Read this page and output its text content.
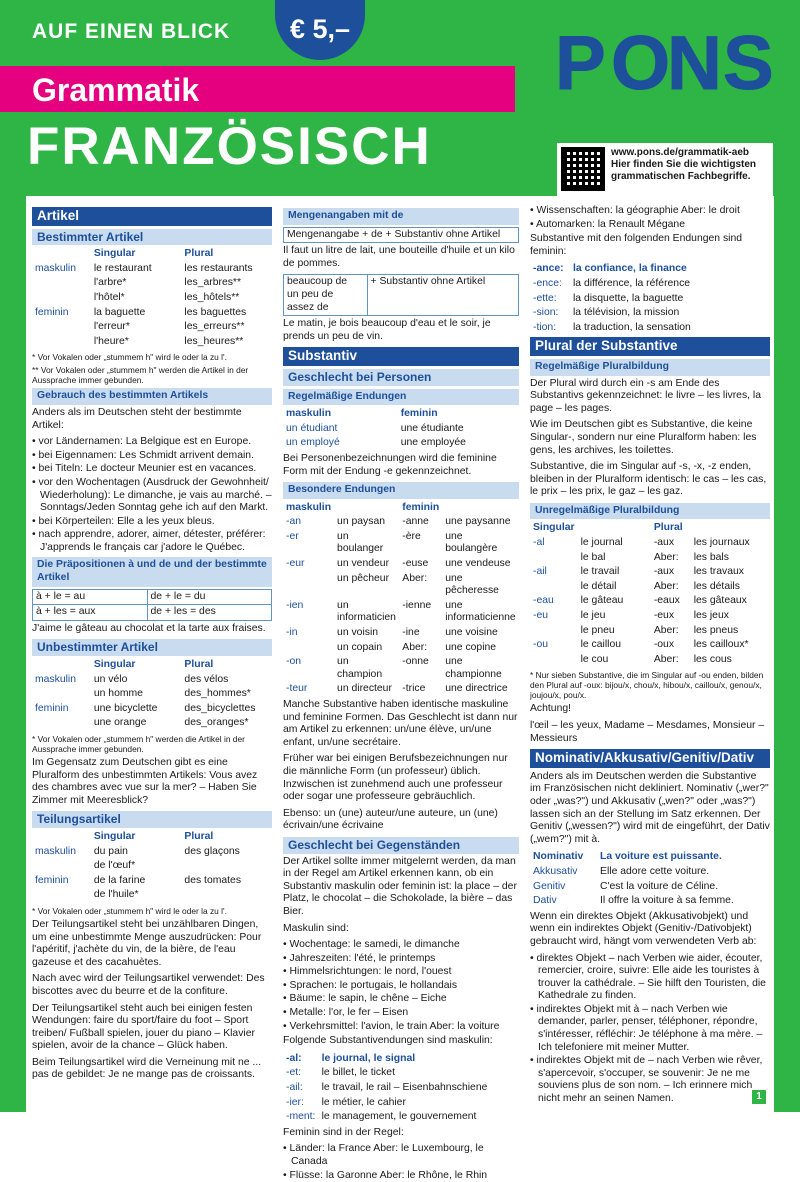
AUF EINEN BLICK	€ 5,–
Grammatik
FRANZÖSISCH
P O
N S
www.pons.de/grammatik-aeb
Hier finden Sie die wichtigsten
grammatischen Fachbegriffe.
Artikel
Bestimmter Artikel
	Singular	Plural
maskulin	le restaurant	les restaurants
	l'arbre*	les_arbres**
	l'hôtel*	les_hôtels**
feminin	la baguette	les baguettes
	l'erreur*	les_erreurs**
	l'heure*	les_heures**
* Vor Vokalen oder „stummem h" wird le oder la zu l'.
** Vor Vokalen oder „stummem h" werden die Artikel in der Aussprache immer gebunden.
Gebrauch des bestimmten Artikels

Anders als im Deutschen steht der bestimmte Artikel:

• vor Ländernamen: La Belgique est en Europe.
• bei Eigennamen: Les Schmidt arrivent demain.
• bei Titeln: Le docteur Meunier est en vacances.
• vor den Wochentagen (Ausdruck der Gewohnheit/ Wiederholung): Le dimanche, je vais au marché. – Sonntags/Jeden Sonntag gehe ich auf den Markt.
• bei Körperteilen: Elle a les yeux bleus.
• nach apprendre, adorer, aimer, détester, préférer: J'apprends le français car j'adore le Québec.
Die Präpositionen à und de und der bestimmte Artikel
à + le = au	de + le = du
à + les = aux	de + les = des

J'aime le gâteau au chocolat et la tarte aux fraises.

Unbestimmter Artikel
	Singular	Plural
maskulin	un vélo	des vélos
	un homme	des_hommes*
feminin	une bicyclette	des_bicyclettes
	une orange	des_oranges*
* Vor Vokalen oder „stummem h" werden die Artikel in der Aussprache immer gebunden.

Im Gegensatz zum Deutschen gibt es eine Pluralform des unbestimmten Artikels: Vous avez des chambres avec vue sur la mer? – Haben Sie Zimmer mit Meeresblick?

Teilungsartikel
	Singular	Plural
maskulin	du pain	des glaçons
	de l'œuf*	
feminin	de la farine	des tomates
	de l'huile*	
* Vor Vokalen oder „stummem h" wird le oder la zu l'.

Der Teilungsartikel steht bei unzählbaren Dingen, um eine unbestimmte Menge auszudrücken: Pour l'apéritif, j'achète du vin, de la bière, de l'eau gazeuse et des cacahuètes.

Nach avec wird der Teilungsartikel verwendet: Des biscottes avec du beurre et de la confiture.

Der Teilungsartikel steht auch bei einigen festen Wendungen: faire du sport/faire du foot – Sport treiben/ Fußball spielen, jouer du piano – Klavier spielen, avoir de la chance – Glück haben.

Beim Teilungsartikel wird die Verneinung mit ne ... pas de gebildet: Je ne mange pas de croissants.

Mengenangaben mit de
Mengenangabe + de + Substantiv ohne Artikel

Il faut un litre de lait, une bouteille d'huile et un kilo de pommes.

beaucoup de
un peu de
assez de	+ Substantiv ohne Artikel

Le matin, je bois beaucoup d'eau et le soir, je prends un peu de vin.

Substantiv
Geschlecht bei Personen
Regelmäßige Endungen
maskulin	feminin
un étudiant	une étudiante
un employé	une employée

Bei Personenbezeichnungen wird die feminine Form mit der Endung -e gekennzeichnet.

Besondere Endungen
maskulin		feminin	
-an	un paysan	-anne	une paysanne
-er	un boulanger	-ère	une boulangère
-eur	un vendeur	-euse	une vendeuse
	un pêcheur	Aber:	une pêcheresse
-ien	un informaticien	-ienne	une informaticienne
-in	un voisin	-ine	une voisine
	un copain	Aber:	une copine
-on	un champion	-onne	une championne
-teur	un directeur	-trice	une directrice

Manche Substantive haben identische maskuline und feminine Formen. Das Geschlecht ist dann nur am Artikel zu erkennen: un/une élève, un/une enfant, un/une secrétaire.

Früher war bei einigen Berufsbezeichnungen nur die männliche Form (un professeur) üblich. Inzwischen ist zunehmend auch une professeur oder sogar une professeure gebräuchlich.

Ebenso: un (une) auteur/une auteure, un (une) écrivain/une écrivaine

Geschlecht bei Gegenständen

Der Artikel sollte immer mitgelernt werden, da man in der Regel am Artikel erkennen kann, ob ein Substantiv maskulin oder feminin ist: la place – der Platz, le chocolat – die Schokolade, la bière – das Bier.

Maskulin sind:

• Wochentage: le samedi, le dimanche
• Jahreszeiten: l'été, le printemps
• Himmelsrichtungen: le nord, l'ouest
• Sprachen: le portugais, le hollandais
• Bäume: le sapin, le chêne – Eiche
• Metalle: l'or, le fer – Eisen
• Verkehrsmittel: l'avion, le train Aber: la voiture

Folgende Substantivendungen sind maskulin:

-al:	le journal, le signal
-et:	le billet, le ticket
-ail:	le travail, le rail – Eisenbahnschiene
-ier:	le métier, le cahier
-ment:	le management, le gouvernement

Feminin sind in der Regel:

• Länder: la France Aber: le Luxembourg, le Canada
• Flüsse: la Garonne Aber: le Rhône, le Rhin
• Wissenschaften: la géographie Aber: le droit
• Automarken: la Renault Mégane

Substantive mit den folgenden Endungen sind feminin:

-ance:	la confiance, la finance
-ence:	la différence, la référence
-ette:	la disquette, la baguette
-sion:	la télévision, la mission
-tion:	la traduction, la sensation
Plural der Substantive
Regelmäßige Pluralbildung

Der Plural wird durch ein -s am Ende des Substantivs gekennzeichnet: le livre – les livres, la page – les pages.

Wie im Deutschen gibt es Substantive, die keine Singular-, sondern nur eine Pluralform haben: les gens, les archives, les toilettes.

Substantive, die im Singular auf -s, -x, -z enden, bleiben in der Pluralform identisch: le cas – les cas, le prix – les prix, le gaz – les gaz.

Unregelmäßige Pluralbildung
Singular		Plural	
-al	le journal	-aux	les journaux
	le bal	Aber:	les bals
-ail	le travail	-aux	les travaux
	le détail	Aber:	les détails
-eau	le gâteau	-eaux	les gâteaux
-eu	le jeu	-eux	les jeux
	le pneu	Aber:	les pneus
-ou	le caillou	-oux	les cailloux*
	le cou	Aber:	les cous
* Nur sieben Substantive, die im Singular auf -ou enden, bilden den Plural auf -oux: bijou/x, chou/x, hibou/x, caillou/x, genou/x, joujou/x, pou/x.

Achtung!

l'œil – les yeux, Madame – Mesdames, Monsieur – Messieurs

Nominativ/Akkusativ/Genitiv/Dativ

Anders als im Deutschen werden die Substantive im Französischen nicht dekliniert. Nominativ („wer?" oder „was?") und Akkusativ („wen?" oder „was?") lassen sich an der Stellung im Satz erkennen. Der Genitiv („wessen?") wird mit de eingeführt, der Dativ („wem?") mit à.

Nominativ	La voiture est puissante.
Akkusativ	Elle adore cette voiture.
Genitiv	C'est la voiture de Céline.
Dativ	Il offre la voiture à sa femme.

Wenn ein direktes Objekt (Akkusativobjekt) und wenn ein indirektes Objekt (Genitiv-/Dativobjekt) gebraucht wird, hängt vom verwendeten Verb ab:

• direktes Objekt – nach Verben wie aider, écouter, remercier, croire, suivre: Elle aide les touristes à trouver la cathédrale. – Sie hilft den Touristen, die Kathedrale zu finden.
• indirektes Objekt mit à – nach Verben wie demander, parler, penser, téléphoner, répondre, s'intéresser, réfléchir: Je téléphone à ma mère. – Ich telefoniere mit meiner Mutter.
• indirektes Objekt mit de – nach Verben wie rêver, s'apercevoir, s'occuper, se souvenir: Je ne me souviens plus de son nom. – Ich erinnere mich nicht mehr an seinen Namen.	1
